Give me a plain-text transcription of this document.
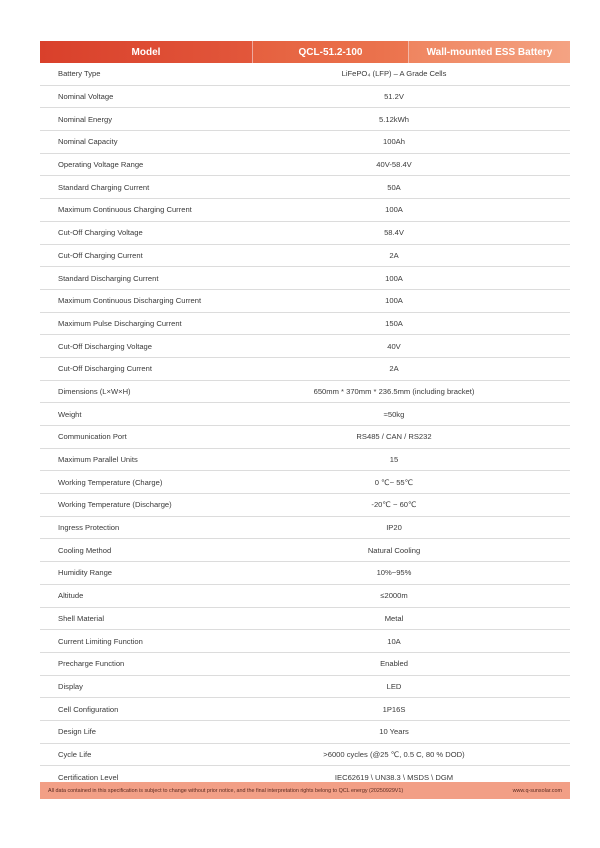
Model	QCL-51.2-100	Wall-mounted ESS Battery
Battery Type	LiFePO₄ (LFP) – A Grade Cells
Nominal Voltage	51.2V
Nominal Energy	5.12kWh
Nominal Capacity	100Ah
Operating Voltage Range	40V-58.4V
Standard Charging Current	50A
Maximum Continuous Charging Current	100A
Cut-Off Charging Voltage	58.4V
Cut-Off Charging Current	2A
Standard Discharging Current	100A
Maximum Continuous Discharging Current	100A
Maximum Pulse Discharging Current	150A
Cut-Off Discharging Voltage	40V
Cut-Off Discharging Current	2A
Dimensions (L×W×H)	650mm * 370mm * 236.5mm (including bracket)
Weight	≈50kg
Communication Port	RS485 / CAN / RS232
Maximum Parallel Units	15
Working Temperature (Charge)	0 ℃~ 55℃
Working Temperature (Discharge)	-20℃ ~ 60℃
Ingress Protection	IP20
Cooling Method	Natural Cooling
Humidity Range	10%~95%
Altitude	≤2000m
Shell Material	Metal
Current Limiting Function	10A
Precharge Function	Enabled
Display	LED
Cell Configuration	1P16S
Design Life	10 Years
Cycle Life	>6000 cycles (@25 ℃, 0.5 C, 80 % DOD)
Certification Level	IEC62619 \ UN38.3 \ MSDS \ DGM
All data contained in this specification is subject to change without prior notice, and the final interpretation rights belong to QCL energy (20250929V1)	www.q-sunsolar.com
